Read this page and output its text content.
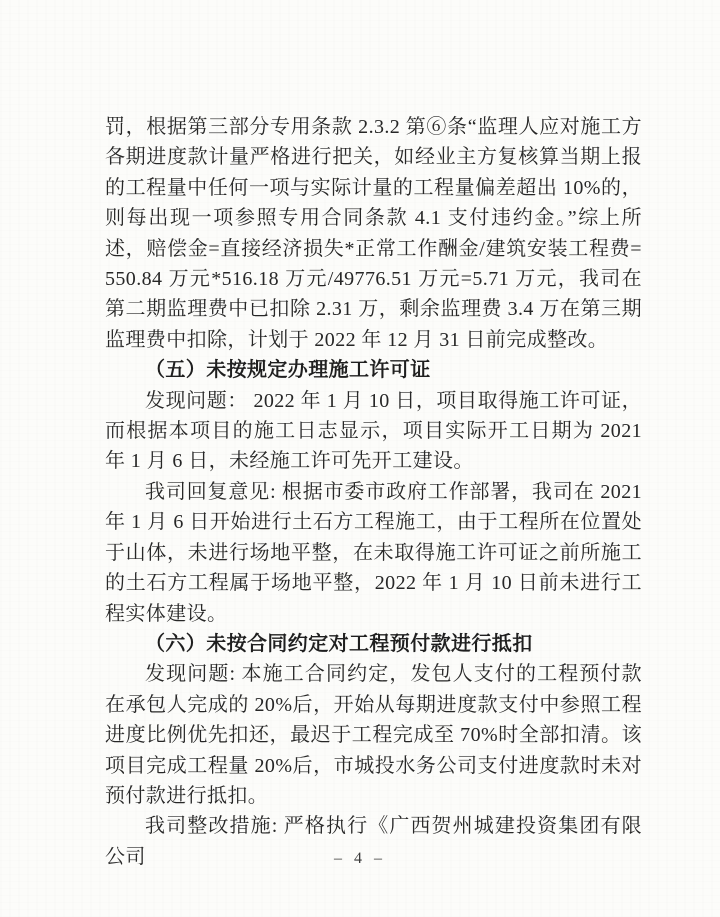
罚，根据第三部分专用条款 2.3.2 第⑥条“监理人应对施工方各期进度款计量严格进行把关，如经业主方复核算当期上报的工程量中任何一项与实际计量的工程量偏差超出 10%的，则每出现一项参照专用合同条款 4.1 支付违约金。”综上所述，赔偿金=直接经济损失*正常工作酬金/建筑安装工程费=550.84 万元*516.18 万元/49776.51 万元=5.71 万元，我司在第二期监理费中已扣除 2.31 万，剩余监理费 3.4 万在第三期监理费中扣除，计划于 2022 年 12 月 31 日前完成整改。

（五）未按规定办理施工许可证

发现问题： 2022 年 1 月 10 日，项目取得施工许可证，而根据本项目的施工日志显示，项目实际开工日期为 2021 年 1 月 6 日，未经施工许可先开工建设。

我司回复意见: 根据市委市政府工作部署，我司在 2021 年 1 月 6 日开始进行土石方工程施工，由于工程所在位置处于山体，未进行场地平整，在未取得施工许可证之前所施工的土石方工程属于场地平整，2022 年 1 月 10 日前未进行工程实体建设。

（六）未按合同约定对工程预付款进行抵扣

发现问题: 本施工合同约定，发包人支付的工程预付款在承包人完成的 20%后，开始从每期进度款支付中参照工程进度比例优先扣还，最迟于工程完成至 70%时全部扣清。该项目完成工程量 20%后，市城投水务公司支付进度款时未对预付款进行抵扣。

我司整改措施: 严格执行《广西贺州城建投资集团有限公司	– 4 –
